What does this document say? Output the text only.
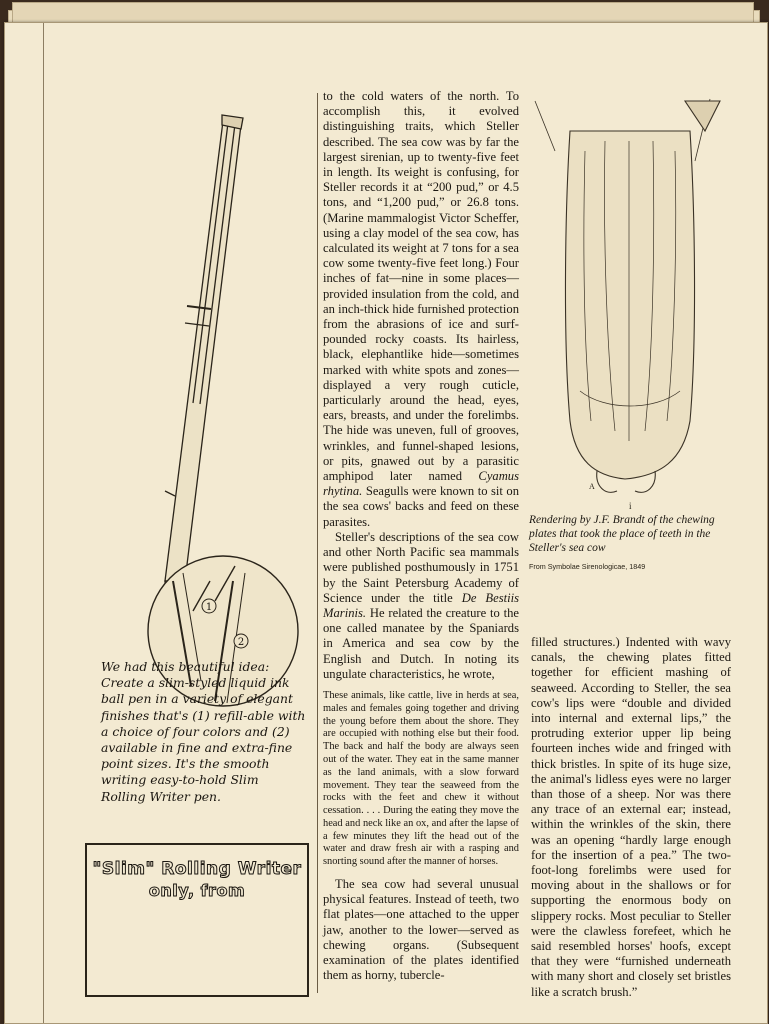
1
2

We had this beautiful idea: Create a slim-styled liquid ink ball pen in a variety of elegant finishes that's (1) refill-able with a choice of four colors and (2) available in fine and extra-fine point sizes. It's the smooth writing easy-to-hold Slim Rolling Writer pen.

"Slim" Rolling Writer
only, from

to the cold waters of the north. To accomplish this, it evolved distinguishing traits, which Steller described. The sea cow was by far the largest sirenian, up to twenty-five feet in length. Its weight is confusing, for Steller records it at “200 pud,” or 4.5 tons, and “1,200 pud,” or 26.8 tons. (Marine mammalogist Victor Scheffer, using a clay model of the sea cow, has calculated its weight at 7 tons for a sea cow some twenty-five feet long.) Four inches of fat—nine in some places—provided insulation from the cold, and an inch-thick hide furnished protection from the abrasions of ice and surf-pounded rocky coasts. Its hairless, black, elephantlike hide—sometimes marked with white spots and zones—displayed a very rough cuticle, particularly around the head, eyes, ears, breasts, and under the forelimbs. The hide was uneven, full of grooves, wrinkles, and funnel-shaped lesions, or pits, gnawed out by a parasitic amphipod later named Cyamus rhytina. Seagulls were known to sit on the sea cows' backs and feed on these parasites.

Steller's descriptions of the sea cow and other North Pacific sea mammals were published posthumously in 1751 by the Saint Petersburg Academy of Science under the title De Bestiis Marinis. He related the creature to the one called manatee by the Spaniards in America and sea cow by the English and Dutch. In noting its ungulate characteristics, he wrote,

These animals, like cattle, live in herds at sea, males and females going together and driving the young before them about the shore. They are occupied with nothing else but their food. The back and half the body are always seen out of the water. They eat in the same manner as the land animals, with a slow forward movement. They tear the seaweed from the rocks with the feet and chew it without cessation. . . . During the eating they move the head and neck like an ox, and after the lapse of a few minutes they lift the head out of the water and draw fresh air with a rasping and snorting sound after the manner of horses.

The sea cow had several unusual physical features. Instead of teeth, two flat plates—one attached to the upper jaw, another to the lower—served as chewing organs. (Subsequent examination of the plates identified them as horny, tubercle-

A
i

Rendering by J.F. Brandt of the chewing plates that took the place of teeth in the Steller's sea cow

From Symbolae Sirenologicae, 1849

filled structures.) Indented with wavy canals, the chewing plates fitted together for efficient mashing of seaweed. According to Steller, the sea cow's lips were “double and divided into internal and external lips,” the protruding exterior upper lip being fourteen inches wide and fringed with thick bristles. In spite of its huge size, the animal's lidless eyes were no larger than those of a sheep. Nor was there any trace of an external ear; instead, within the wrinkles of the skin, there was an opening “hardly large enough for the insertion of a pea.” The two-foot-long forelimbs were used for moving about in the shallows or for supporting the enormous body on slippery rocks. Most peculiar to Steller were the clawless forefeet, which he said resembled horses' hoofs, except that they were “furnished underneath with many short and closely set bristles like a scratch brush.”
